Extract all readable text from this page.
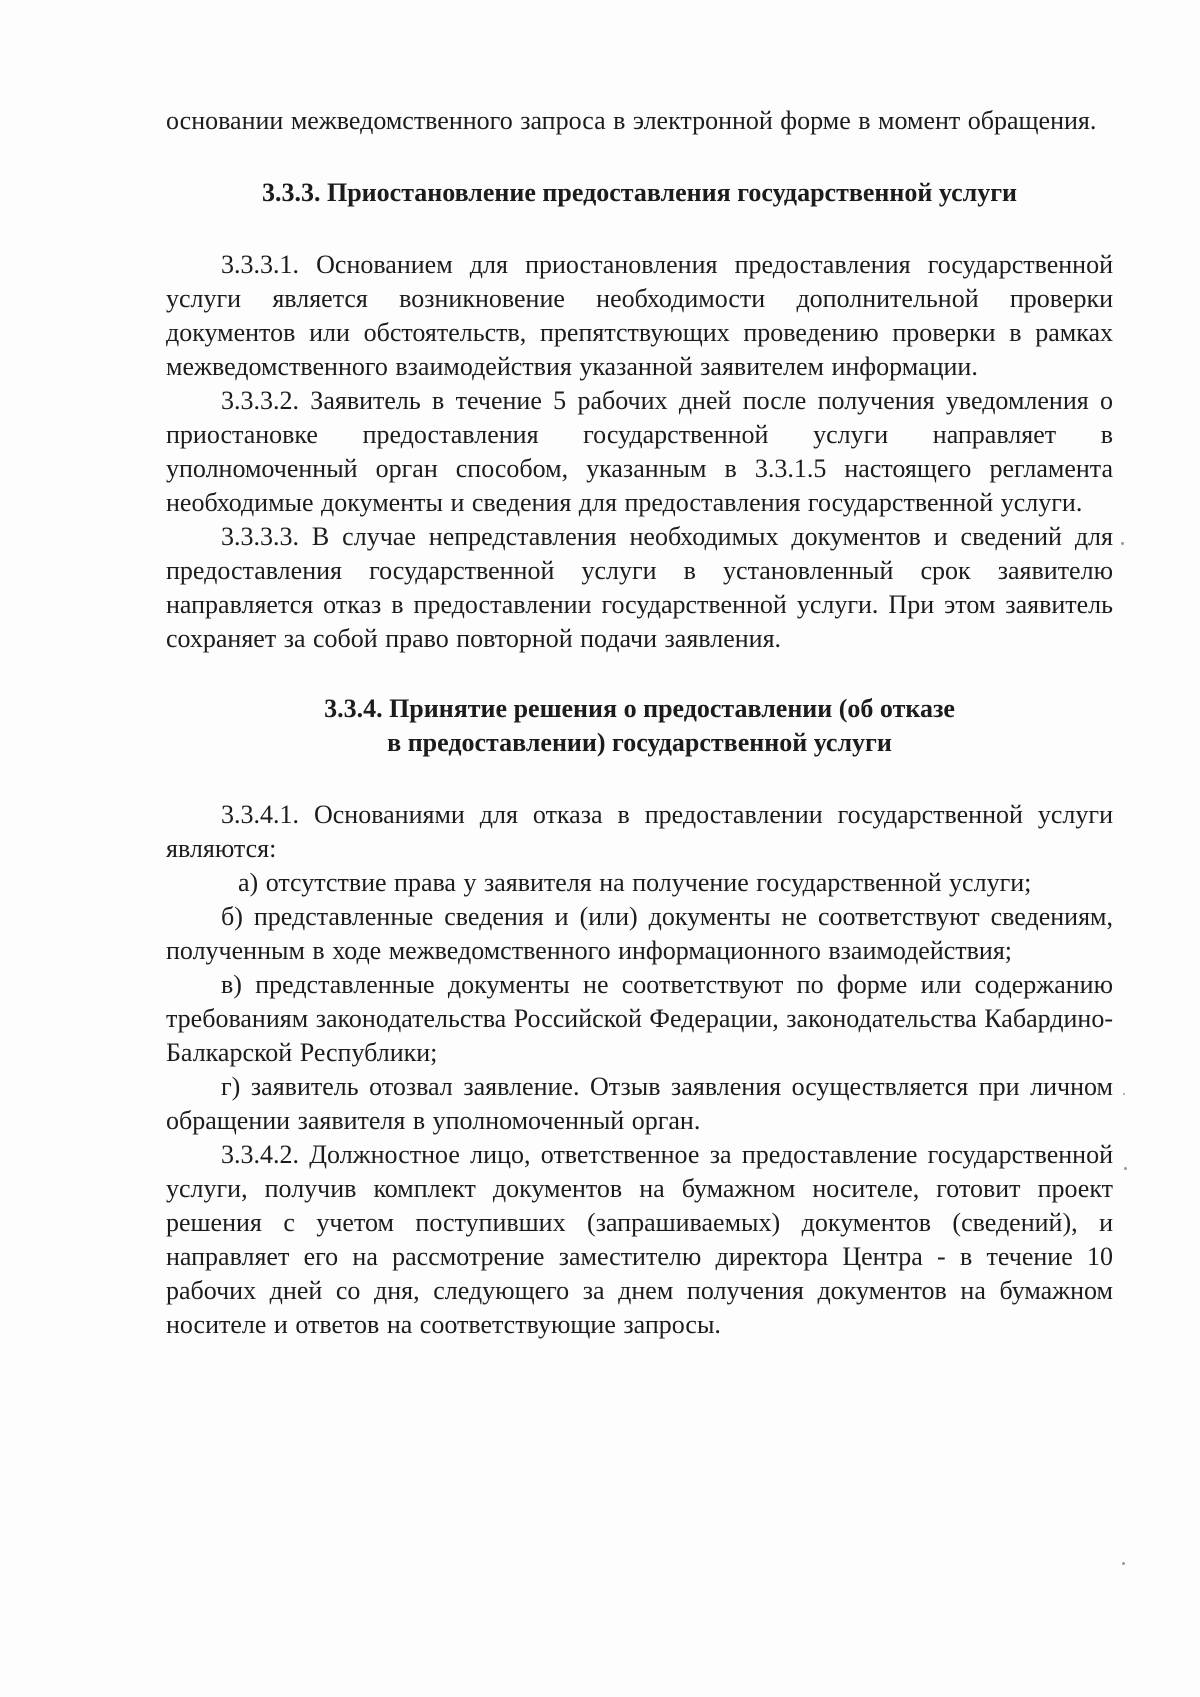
основании межведомственного запроса в электронной форме в момент обращения.

3.3.3. Приостановление предоставления государственной услуги

3.3.3.1. Основанием для приостановления предоставления государственной услуги является возникновение необходимости дополнительной проверки документов или обстоятельств, препятствующих проведению проверки в рамках межведомственного взаимодействия указанной заявителем информации.

3.3.3.2. Заявитель в течение 5 рабочих дней после получения уведомления о приостановке предоставления государственной услуги направляет в уполномоченный орган способом, указанным в 3.3.1.5 настоящего регламента необходимые документы и сведения для предоставления государственной услуги.

3.3.3.3. В случае непредставления необходимых документов и сведений для предоставления государственной услуги в установленный срок заявителю направляется отказ в предоставлении государственной услуги. При этом заявитель сохраняет за собой право повторной подачи заявления.

3.3.4. Принятие решения о предоставлении (об отказе
в предоставлении) государственной услуги

3.3.4.1. Основаниями для отказа в предоставлении государственной услуги являются:

а) отсутствие права у заявителя на получение государственной услуги;

б) представленные сведения и (или) документы не соответствуют сведениям, полученным в ходе межведомственного информационного взаимодействия;

в) представленные документы не соответствуют по форме или содержанию требованиям законодательства Российской Федерации, законодательства Кабардино-Балкарской Республики;

г) заявитель отозвал заявление. Отзыв заявления осуществляется при личном обращении заявителя в уполномоченный орган.

3.3.4.2. Должностное лицо, ответственное за предоставление государственной услуги, получив комплект документов на бумажном носителе, готовит проект решения с учетом поступивших (запрашиваемых) документов (сведений), и направляет его на рассмотрение заместителю директора Центра - в течение 10 рабочих дней со дня, следующего за днем получения документов на бумажном носителе и ответов на соответствующие запросы.
